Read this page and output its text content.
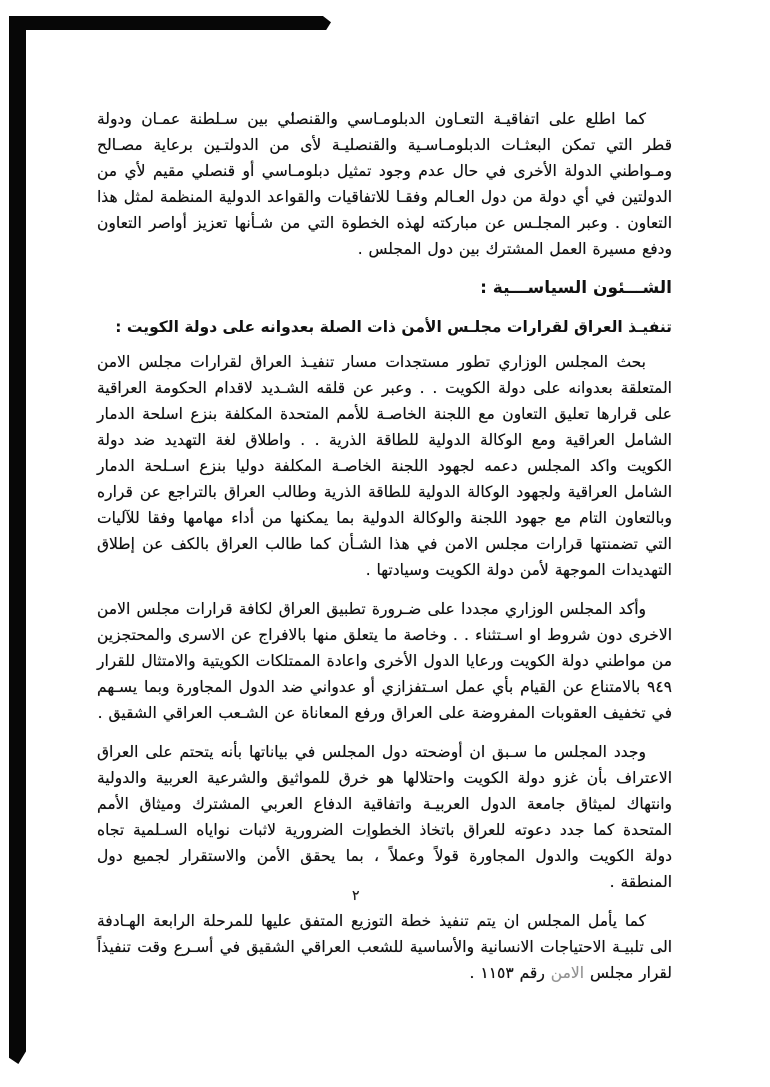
كما اطلع على اتفاقيـة التعـاون الدبلومـاسي والقنصلي بين سـلطنة عمـان ودولة قطر التي تمكن البعثـات الدبلومـاسـية والقنصليـة لأى من الدولتـين برعاية مصـالح ومـواطني الدولة الأخرى في حال عدم وجود تمثيل دبلومـاسي أو قنصلي مقيم لأي من الدولتين في أي دولة من دول العـالم وفقـا للاتفاقيات والقواعد الدولية المنظمة لمثل هذا التعاون . وعبر المجلـس عن مباركته لهذه الخطوة التي من شـأنها تعزيز أواصر التعاون ودفع مسيرة العمل المشترك بين دول المجلس .

الشـــئون السياســـية :
تنفيـذ العراق لقرارات مجلـس الأمن ذات الصلة بعدوانه على دولة الكويت :

بحث المجلس الوزاري تطور مستجدات مسار تنفيـذ العراق لقرارات مجلس الامن المتعلقة بعدوانه على دولة الكويت . . وعبر عن قلقه الشـديد لاقدام الحكومة العراقية على قرارها تعليق التعاون مع اللجنة الخاصـة للأمم المتحدة المكلفة بنزع اسلحة الدمار الشامل العراقية ومع الوكالة الدولية للطاقة الذرية . . واطلاق لغة التهديد ضد دولة الكويت واكد المجلس دعمه لجهود اللجنة الخاصـة المكلفة دوليا بنزع اسـلحة الدمار الشامل العراقية ولجهود الوكالة الدولية للطاقة الذرية وطالب العراق بالتراجع عن قراره وبالتعاون التام مع جهود اللجنة والوكالة الدولية بما يمكنها من أداء مهامها وفقا للآليات التي تضمنتها قرارات مجلس الامن في هذا الشـأن كما طالب العراق بالكف عن إطلاق التهديدات الموجهة لأمن دولة الكويت وسيادتها .

وأكد المجلس الوزاري مجددا على ضـرورة تطبيق العراق لكافة قرارات مجلس الامن الاخرى دون شروط او اسـتثناء . . وخاصة ما يتعلق منها بالافراج عن الاسرى والمحتجزين من مواطني دولة الكويت ورعايا الدول الأخرى واعادة الممتلكات الكويتية والامتثال للقرار ٩٤٩ بالامتناع عن القيام بأي عمل اسـتفزازي أو عدواني ضد الدول المجاورة وبما يسـهم في تخفيف العقوبات المفروضة على العراق ورفع المعاناة عن الشـعب العراقي الشقيق .

وجدد المجلس ما سـبق ان أوضحته دول المجلس في بياناتها بأنه يتحتم على العراق الاعتراف بأن غزو دولة الكويت واحتلالها هو خرق للمواثيق والشرعية العربية والدولية وانتهاك لميثاق جامعة الدول العربيـة واتفاقية الدفاع العربي المشترك وميثاق الأمم المتحدة كما جدد دعوته للعراق باتخاذ الخطوات الضرورية لاثبات نواياه السـلمية تجاه دولة الكويت والدول المجاورة قولاً وعملاً ، بما يحقق الأمن والاستقرار لجميع دول المنطقة .

كما يأمل المجلس ان يتم تنفيذ خطة التوزيع المتفق عليها للمرحلة الرابعة الهـادفة الى تلبيـة الاحتياجات الانسانية والأساسية للشعب العراقي الشقيق في أسـرع وقت تنفيذاً لقرار مجلس الامن رقم ١١٥٣ .

٢
